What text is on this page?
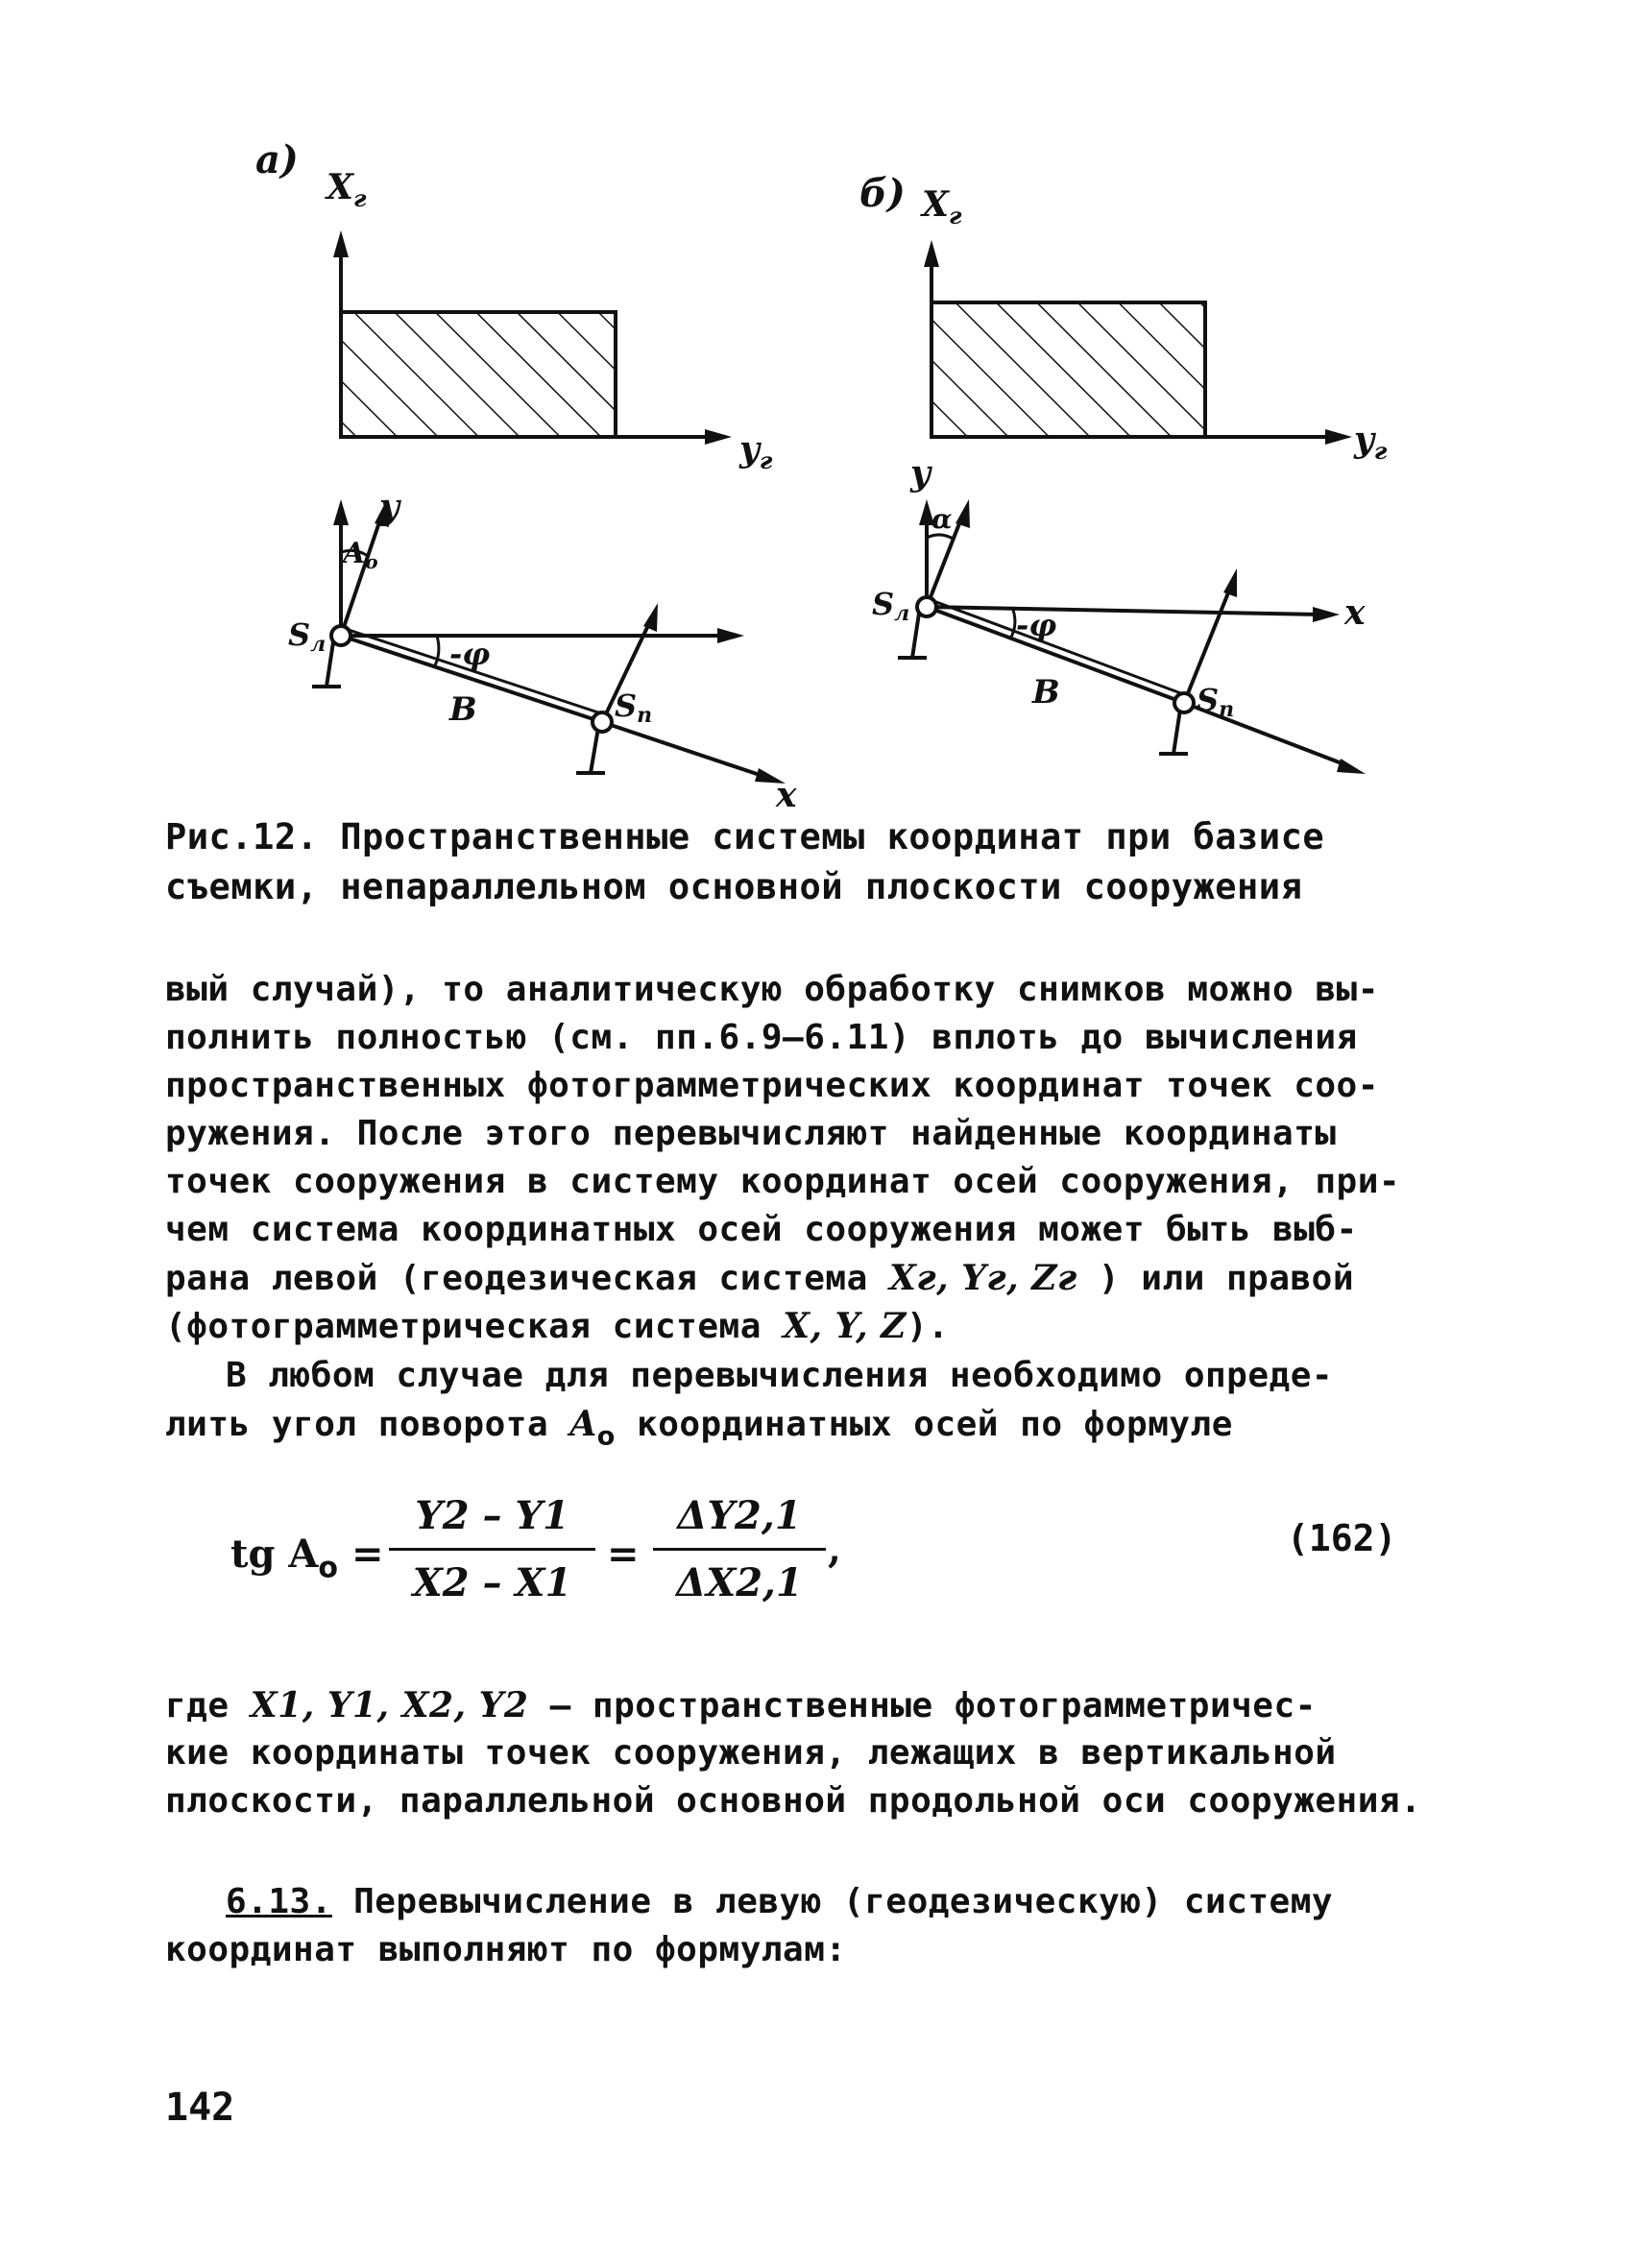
а)
$X_г$
$y_г$
y
$A_o$
x
Sл
Sn
-φ
B
б) $X_г$
$y_г$
y
α
x
Sл
Sn
-φ
B
Рис.12. Пространственные системы координат при базисе
съемки, непараллельном основной плоскости сооружения
вый случай), то аналитическую обработку снимков можно вы-
полнить полностью (см. пп.6.9–6.11) вплоть до вычисления
пространственных фотограмметрических координат точек соо-
ружения. После этого перевычисляют найденные координаты
точек сооружения в систему координат осей сооружения, при-
чем система координатных осей сооружения может быть выб-
рана левой (геодезическая система Xг, Yг, Zг ) или правой
(фотограмметрическая система X, Y, Z).
В любом случае для перевычисления необходимо опреде-
лить угол поворота $A_o$ координатных осей по формуле
tg $A_o$ =
Y2 – Y1
X2 – X1
=
ΔY2,1
ΔX2,1
,	(162)
где X1, Y1, X2, Y2 – пространственные фотограмметричес-
кие координаты точек сооружения, лежащих в вертикальной
плоскости, параллельной основной продольной оси сооружения.
6.13. Перевычисление в левую (геодезическую) систему
координат выполняют по формулам:
142
